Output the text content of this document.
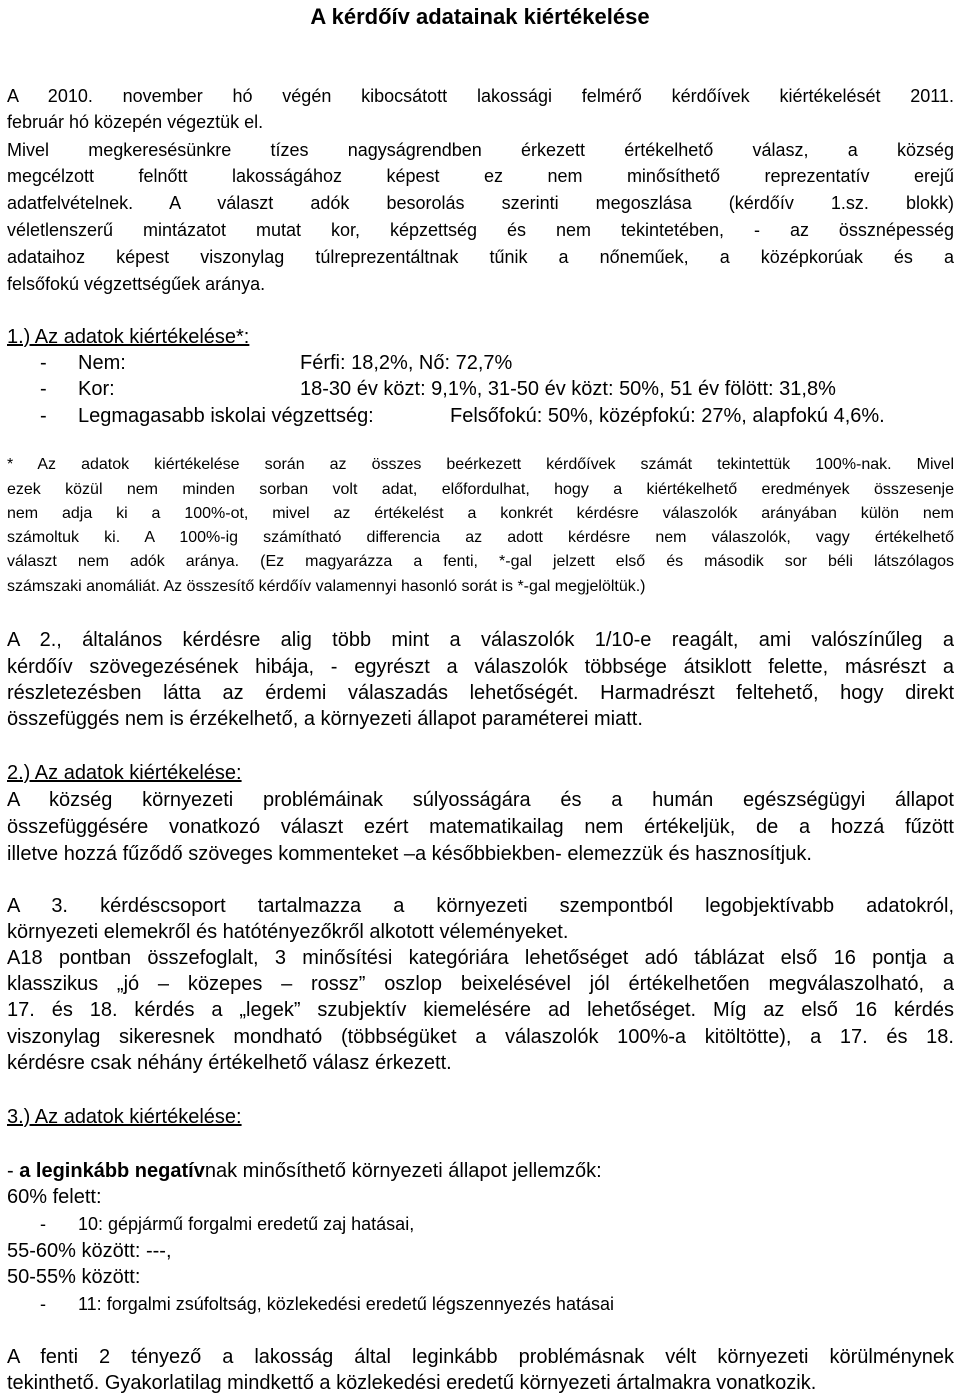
A kérdőív adatainak kiértékelése
A 2010. november hó végén kibocsátott lakossági felmérő kérdőívek kiértékelését 2011.
február hó közepén végeztük el.
Mivel megkeresésünkre tízes nagyságrendben érkezett értékelhető válasz, a község
megcélzott felnőtt lakosságához képest ez nem minősíthető reprezentatív erejű
adatfelvételnek. A választ adók besorolás szerinti megoszlása (kérdőív 1.sz. blokk)
véletlenszerű mintázatot mutat kor, képzettség és nem tekintetében, - az össznépesség
adataihoz képest viszonylag túlreprezentáltnak tűnik a nőneműek, a középkorúak és a
felsőfokú végzettségűek aránya.
1.) Az adatok kiértékelése*:
- Nem:	Férfi: 18,2%, Nő: 72,7%
- Kor:	18-30 év közt: 9,1%, 31-50 év közt: 50%, 51 év fölött: 31,8%
- Legmagasabb iskolai végzettség:	Felsőfokú: 50%, középfokú: 27%, alapfokú 4,6%.
* Az adatok kiértékelése során az összes beérkezett kérdőívek számát tekintettük 100%-nak. Mivel
ezek közül nem minden sorban volt adat, előfordulhat, hogy a kiértékelhető eredmények összesenje
nem adja ki a 100%-ot, mivel az értékelést a konkrét kérdésre válaszolók arányában külön nem
számoltuk ki. A 100%-ig számítható differencia az adott kérdésre nem válaszolók, vagy értékelhető
választ nem adók aránya. (Ez magyarázza a fenti, *-gal jelzett első és második sor béli látszólagos
számszaki anomáliát. Az összesítő kérdőív valamennyi hasonló sorát is *-gal megjelöltük.)
A 2., általános kérdésre alig több mint a válaszolók 1/10-e reagált, ami valószínűleg a
kérdőív szövegezésének hibája, - egyrészt a válaszolók többsége átsiklott felette, másrészt a
részletezésben látta az érdemi válaszadás lehetőségét. Harmadrészt feltehető, hogy direkt
összefüggés nem is érzékelhető, a környezeti állapot paraméterei miatt.
2.) Az adatok kiértékelése:
A község környezeti problémáinak súlyosságára és a humán egészségügyi állapot
összefüggésére vonatkozó választ ezért matematikailag nem értékeljük, de a hozzá fűzött
illetve hozzá fűződő szöveges kommenteket –a későbbiekben- elemezzük és hasznosítjuk.
A 3. kérdéscsoport tartalmazza a környezeti szempontból legobjektívabb adatokról,
környezeti elemekről és hatótényezőkről alkotott véleményeket.
A18 pontban összefoglalt, 3 minősítési kategóriára lehetőséget adó táblázat első 16 pontja a
klasszikus „jó – közepes – rossz” oszlop beixelésével jól értékelhetően megválaszolható, a
17. és 18. kérdés a „legek” szubjektív kiemelésére ad lehetőséget. Míg az első 16 kérdés
viszonylag sikeresnek mondható (többségüket a válaszolók 100%-a kitöltötte), a 17. és 18.
kérdésre csak néhány értékelhető válasz érkezett.
3.) Az adatok kiértékelése:
- a leginkább negatívnak minősíthető környezeti állapot jellemzők:
60% felett:
- 10: gépjármű forgalmi eredetű zaj hatásai,
55-60% között: ---,
50-55% között:
- 11: forgalmi zsúfoltság, közlekedési eredetű légszennyezés hatásai
A fenti 2 tényező a lakosság által leginkább problémásnak vélt környezeti körülménynek
tekinthető. Gyakorlatilag mindkettő a közlekedési eredetű környezeti ártalmakra vonatkozik.
